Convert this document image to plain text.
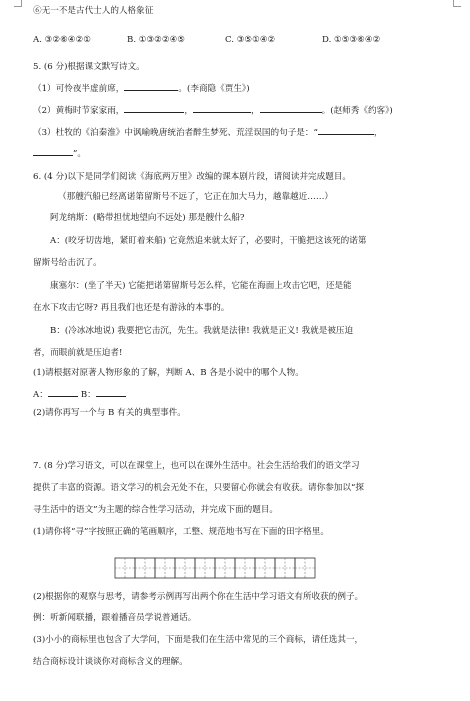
⑥无一不是古代士人的人格象征
A. ③②⑥④②①	B. ①③②②④⑤	C. ③⑤①④②	D. ①⑤③⑥④②
5. (6 分)根据课文默写诗文。
（1）可怜夜半虚前席，	。(李商隐《贾生》)
（2）黄梅时节家家雨，	，	，	。(赵师秀《约客》)
（3）杜牧的《泊秦淮》中讽喻晚唐统治者醉生梦死、荒淫误国的句子是：“	，
”。
6. (4 分)以下是同学们阅读《海底两万里》改编的课本剧片段，请阅读并完成题目。
（那艘汽船已经离诺第留斯号不远了，它正在加大马力，越靠越近……）
阿龙纳斯：(略带担忧地望向不远处) 那是艘什么船?
A：(咬牙切齿地，紧盯着来船) 它竟然追来就太好了，必要时，干脆把这该死的诺第
留斯号给击沉了。
康塞尔：(坐了半天) 它能把诺第留斯号怎么样，它能在海面上攻击它吧，还是能
在水下攻击它呀? 再且我们也还是有游泳的本事的。
B：(冷冰冰地说) 我要把它击沉，先生。我就是法律! 我就是正义! 我就是被压迫
者，而眼前就是压迫者!
(1)请根据对原著人物形象的了解，判断 A、B 各是小说中的哪个人物。
A：	B：
(2)请你再写一个与 B 有关的典型事件。
7. (8 分)学习语文，可以在课堂上，也可以在课外生活中。社会生活给我们的语文学习
提供了丰富的资源。语文学习的机会无处不在，只要留心你就会有收获。请你参加以“探
寻生活中的语文”为主题的综合性学习活动，并完成下面的题目。
(1)请你将“寻”字按照正确的笔画顺序，工整、规范地书写在下面的田字格里。
(2)根据你的观察与思考，请参考示例再写出两个你在生活中学习语文有所收获的例子。
例：听新闻联播，跟着播音员学说普通话。
(3)小小的商标里也包含了大学问，下面是我们在生活中常见的三个商标，请任选其一，
结合商标设计谈谈你对商标含义的理解。
